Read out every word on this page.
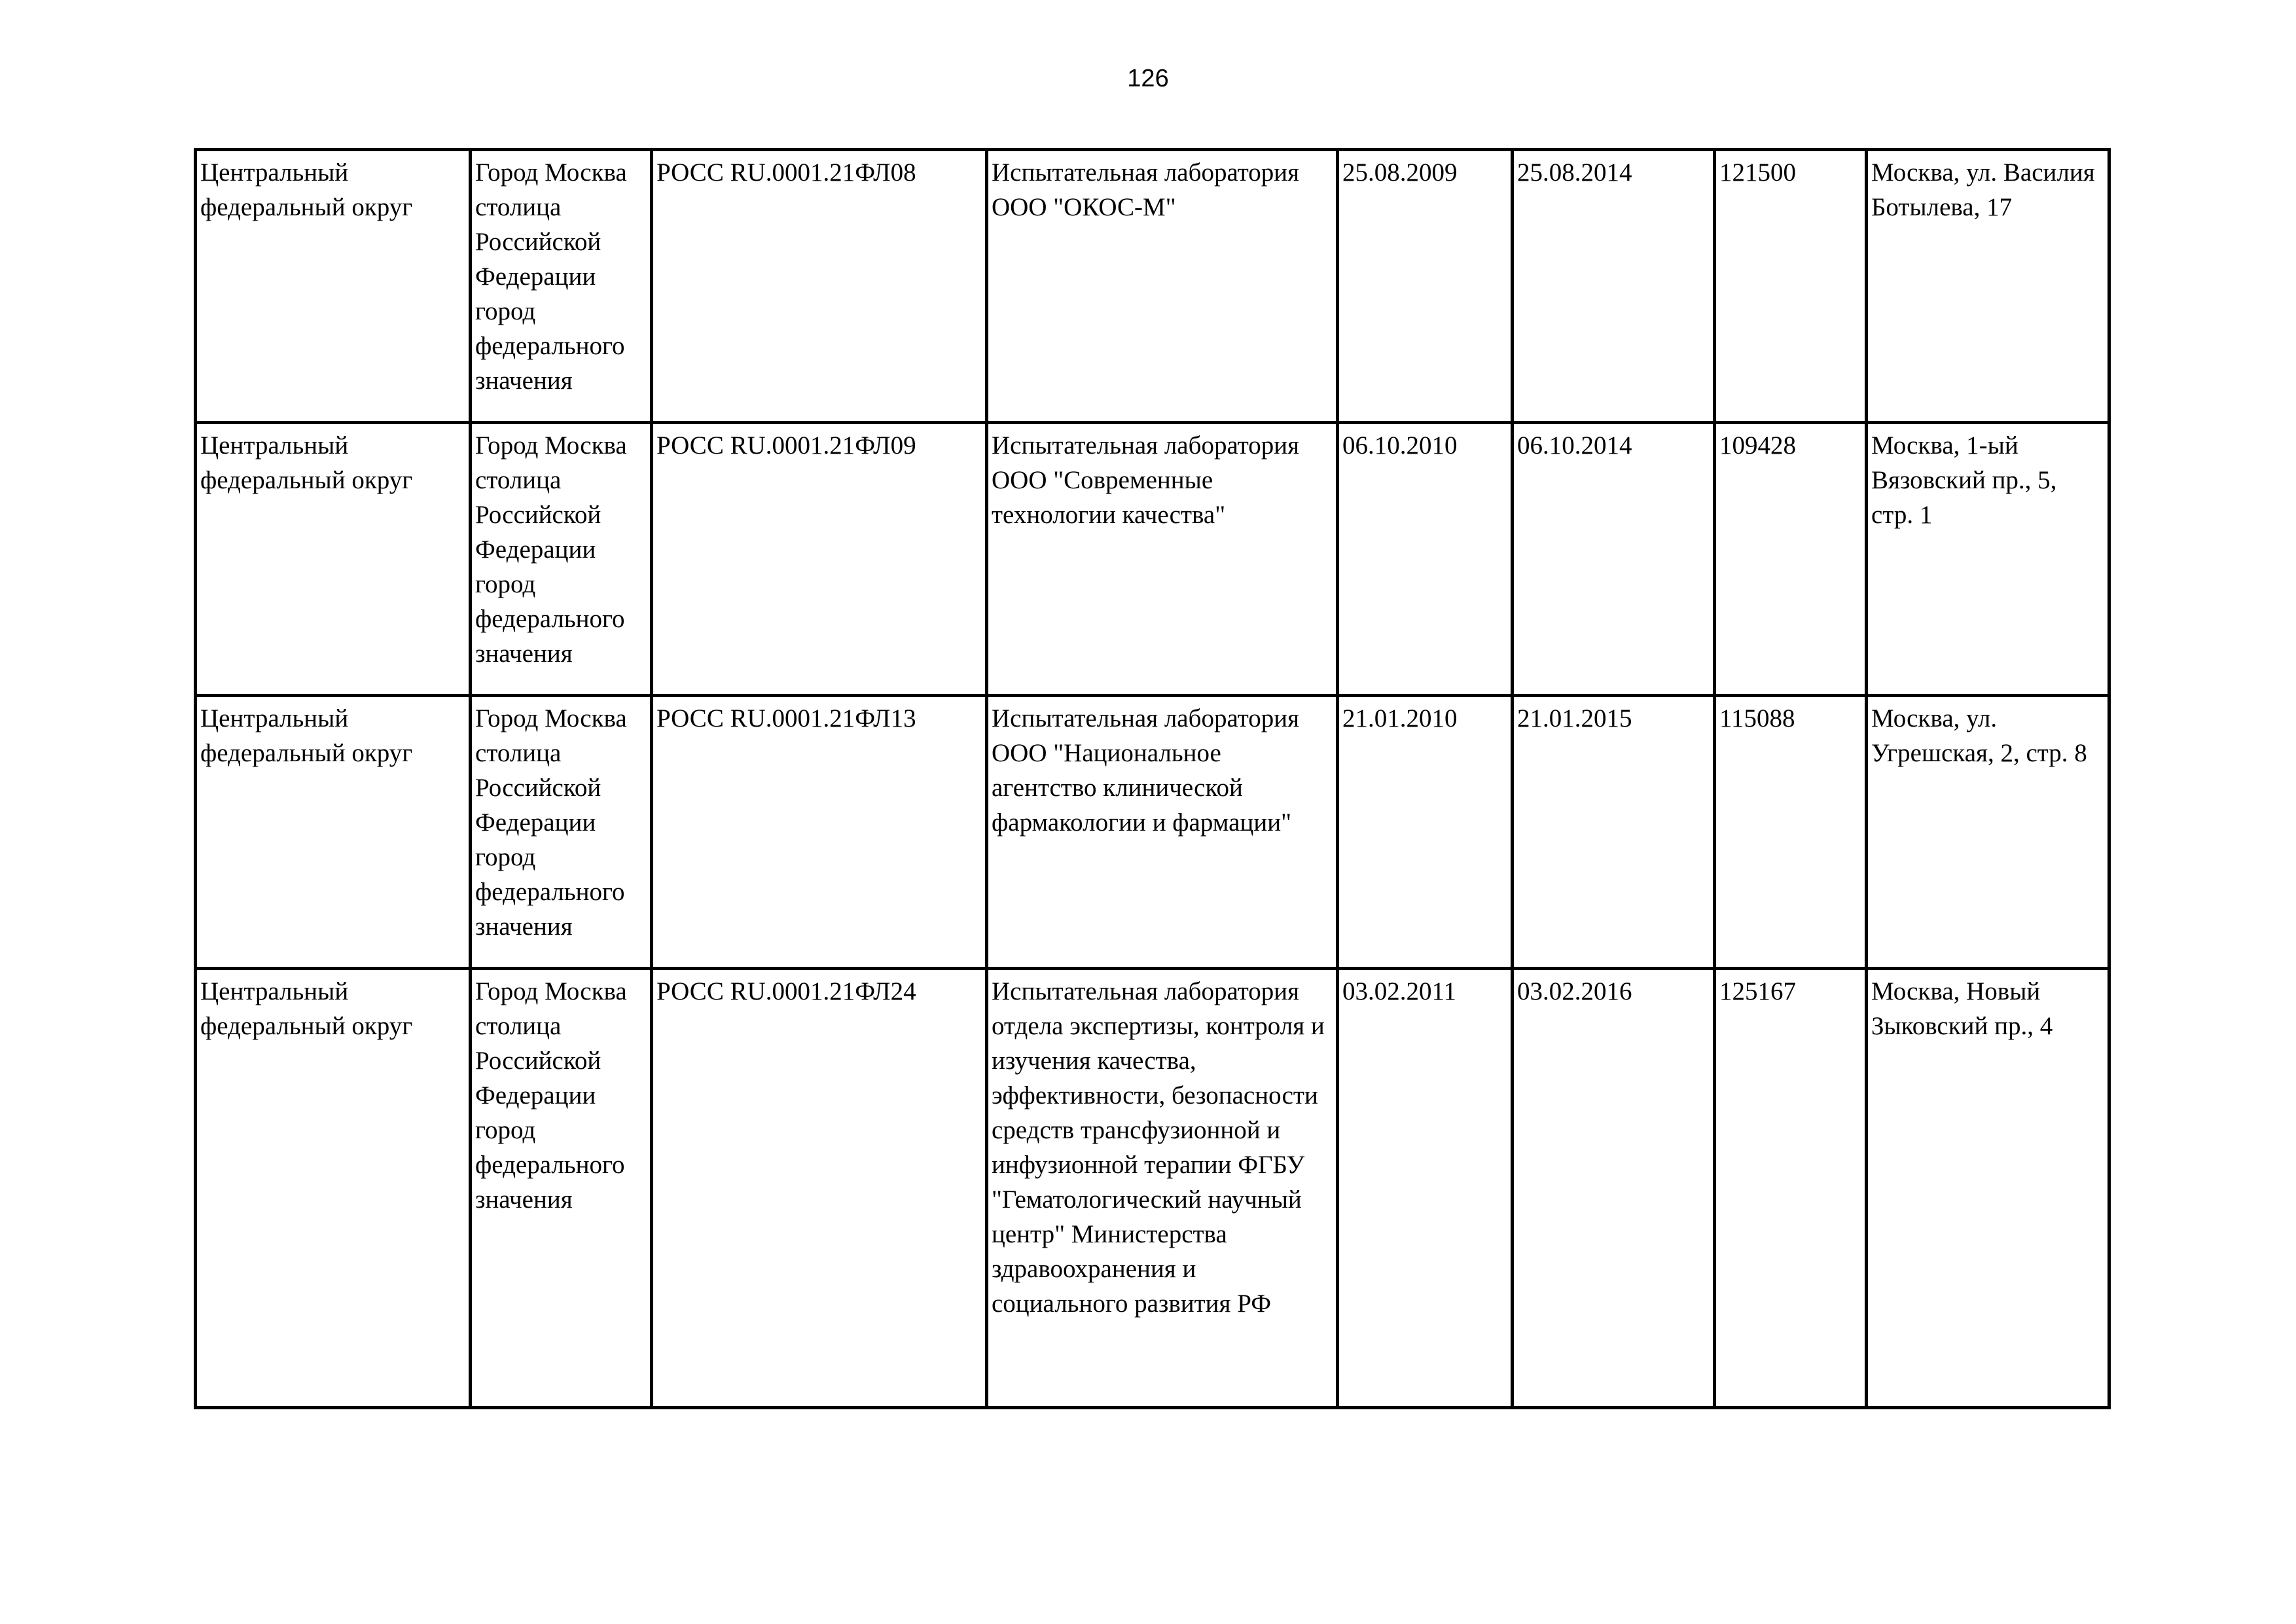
126
Центральный федеральный округ	Город Москва столица Российской Федерации город федерального значения	РОСС RU.0001.21ФЛ08	Испытательная лаборатория ООО "ОКОС-М"	25.08.2009	25.08.2014	121500	Москва, ул. Василия Ботылева, 17

Центральный федеральный округ	Город Москва столица Российской Федерации город федерального значения	РОСС RU.0001.21ФЛ09	Испытательная лаборатория ООО "Современные технологии качества"	06.10.2010	06.10.2014	109428	Москва, 1-ый Вязовский пр., 5, стр. 1

Центральный федеральный округ	Город Москва столица Российской Федерации город федерального значения	РОСС RU.0001.21ФЛ13	Испытательная лаборатория ООО "Национальное агентство клинической фармакологии и фармации"	21.01.2010	21.01.2015	115088	Москва, ул. Угрешская, 2, стр. 8

Центральный федеральный округ	Город Москва столица Российской Федерации город федерального значения	РОСС RU.0001.21ФЛ24	Испытательная лаборатория отдела экспертизы, контроля и изучения качества, эффективности, безопасности средств трансфузионной и инфузионной терапии ФГБУ "Гематологический научный центр" Министерства здравоохранения и социального развития РФ	03.02.2011	03.02.2016	125167	Москва, Новый Зыковский пр., 4
